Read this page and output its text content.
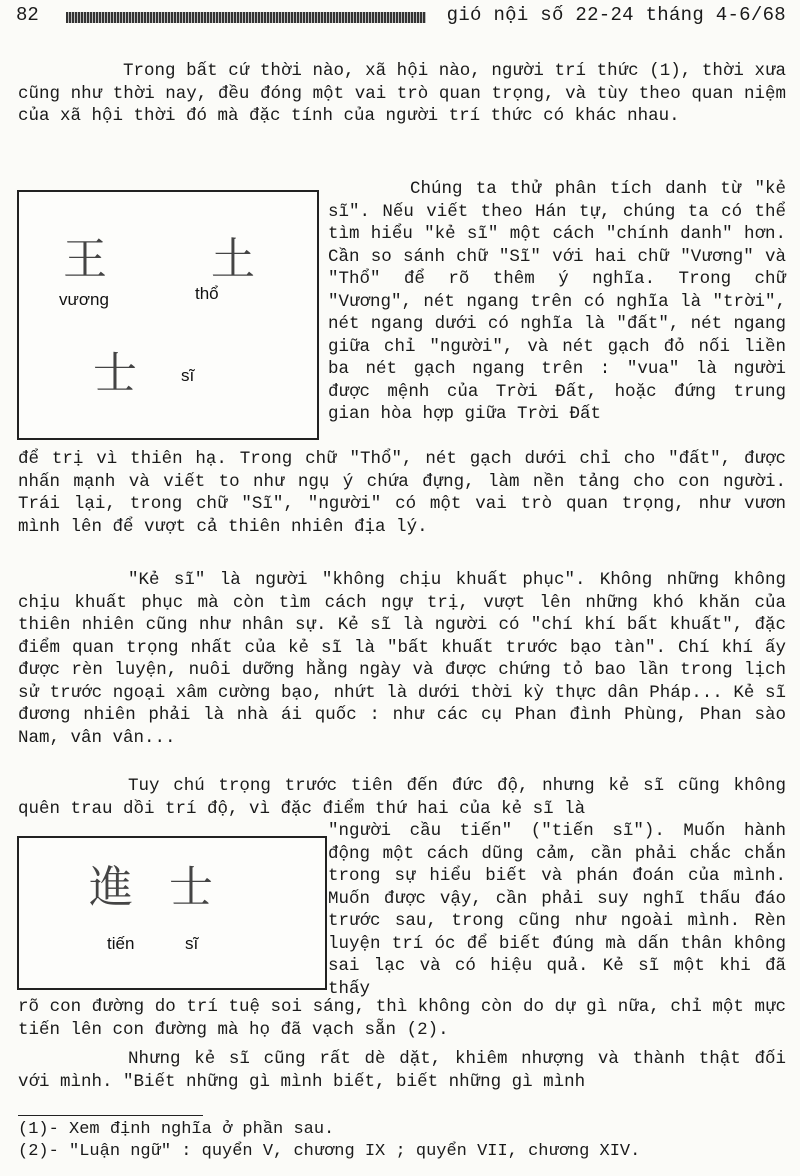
82	gió nội số 22-24 tháng 4-6/68

Trong bất cứ thời nào, xã hội nào, người trí thức (1), thời xưa cũng như thời nay, đều đóng một vai trò quan trọng, và tùy theo quan niệm của xã hội thời đó mà đặc tính của người trí thức có khác nhau.

王 土
vương	thổ
士	sĩ

Chúng ta thử phân tích danh từ "kẻ sĩ". Nếu viết theo Hán tự, chúng ta có thể tìm hiểu "kẻ sĩ" một cách "chính danh" hơn. Cần so sánh chữ "Sĩ" với hai chữ "Vương" và "Thổ" để rõ thêm ý nghĩa. Trong chữ "Vương", nét ngang trên có nghĩa là "trời", nét ngang dưới có nghĩa là "đất", nét ngang giữa chỉ "người", và nét gạch đỏ nối liền ba nét gạch ngang trên : "vua" là người được mệnh của Trời Đất, hoặc đứng trung gian hòa hợp giữa Trời Đất

để trị vì thiên hạ. Trong chữ "Thổ", nét gạch dưới chỉ cho "đất", được nhấn mạnh và viết to như ngụ ý chứa đựng, làm nền tảng cho con người. Trái lại, trong chữ "Sĩ", "người" có một vai trò quan trọng, như vươn mình lên để vượt cả thiên nhiên địa lý.

"Kẻ sĩ" là người "không chịu khuất phục". Không những không chịu khuất phục mà còn tìm cách ngự trị, vượt lên những khó khăn của thiên nhiên cũng như nhân sự. Kẻ sĩ là người có "chí khí bất khuất", đặc điểm quan trọng nhất của kẻ sĩ là "bất khuất trước bạo tàn". Chí khí ấy được rèn luyện, nuôi dưỡng hằng ngày và được chứng tỏ bao lần trong lịch sử trước ngoại xâm cường bạo, nhứt là dưới thời kỳ thực dân Pháp... Kẻ sĩ đương nhiên phải là nhà ái quốc : như các cụ Phan đình Phùng, Phan sào Nam, vân vân...

Tuy chú trọng trước tiên đến đức độ, nhưng kẻ sĩ cũng không quên trau dồi trí độ, vì đặc điểm thứ hai của kẻ sĩ là

進 士
tiến	sĩ

"người cầu tiến" ("tiến sĩ"). Muốn hành động một cách dũng cảm, cần phải chắc chắn trong sự hiểu biết và phán đoán của mình. Muốn được vậy, cần phải suy nghĩ thấu đáo trước sau, trong cũng như ngoài mình. Rèn luyện trí óc để biết đúng mà dấn thân không sai lạc và có hiệu quả. Kẻ sĩ một khi đã thấy

rõ con đường do trí tuệ soi sáng, thì không còn do dự gì nữa, chỉ một mực tiến lên con đường mà họ đã vạch sẵn (2).

Nhưng kẻ sĩ cũng rất dè dặt, khiêm nhượng và thành thật đối với mình. "Biết những gì mình biết, biết những gì mình

(1)- Xem định nghĩa ở phần sau.
(2)- "Luận ngữ" : quyển V, chương IX ; quyển VII, chương XIV.
